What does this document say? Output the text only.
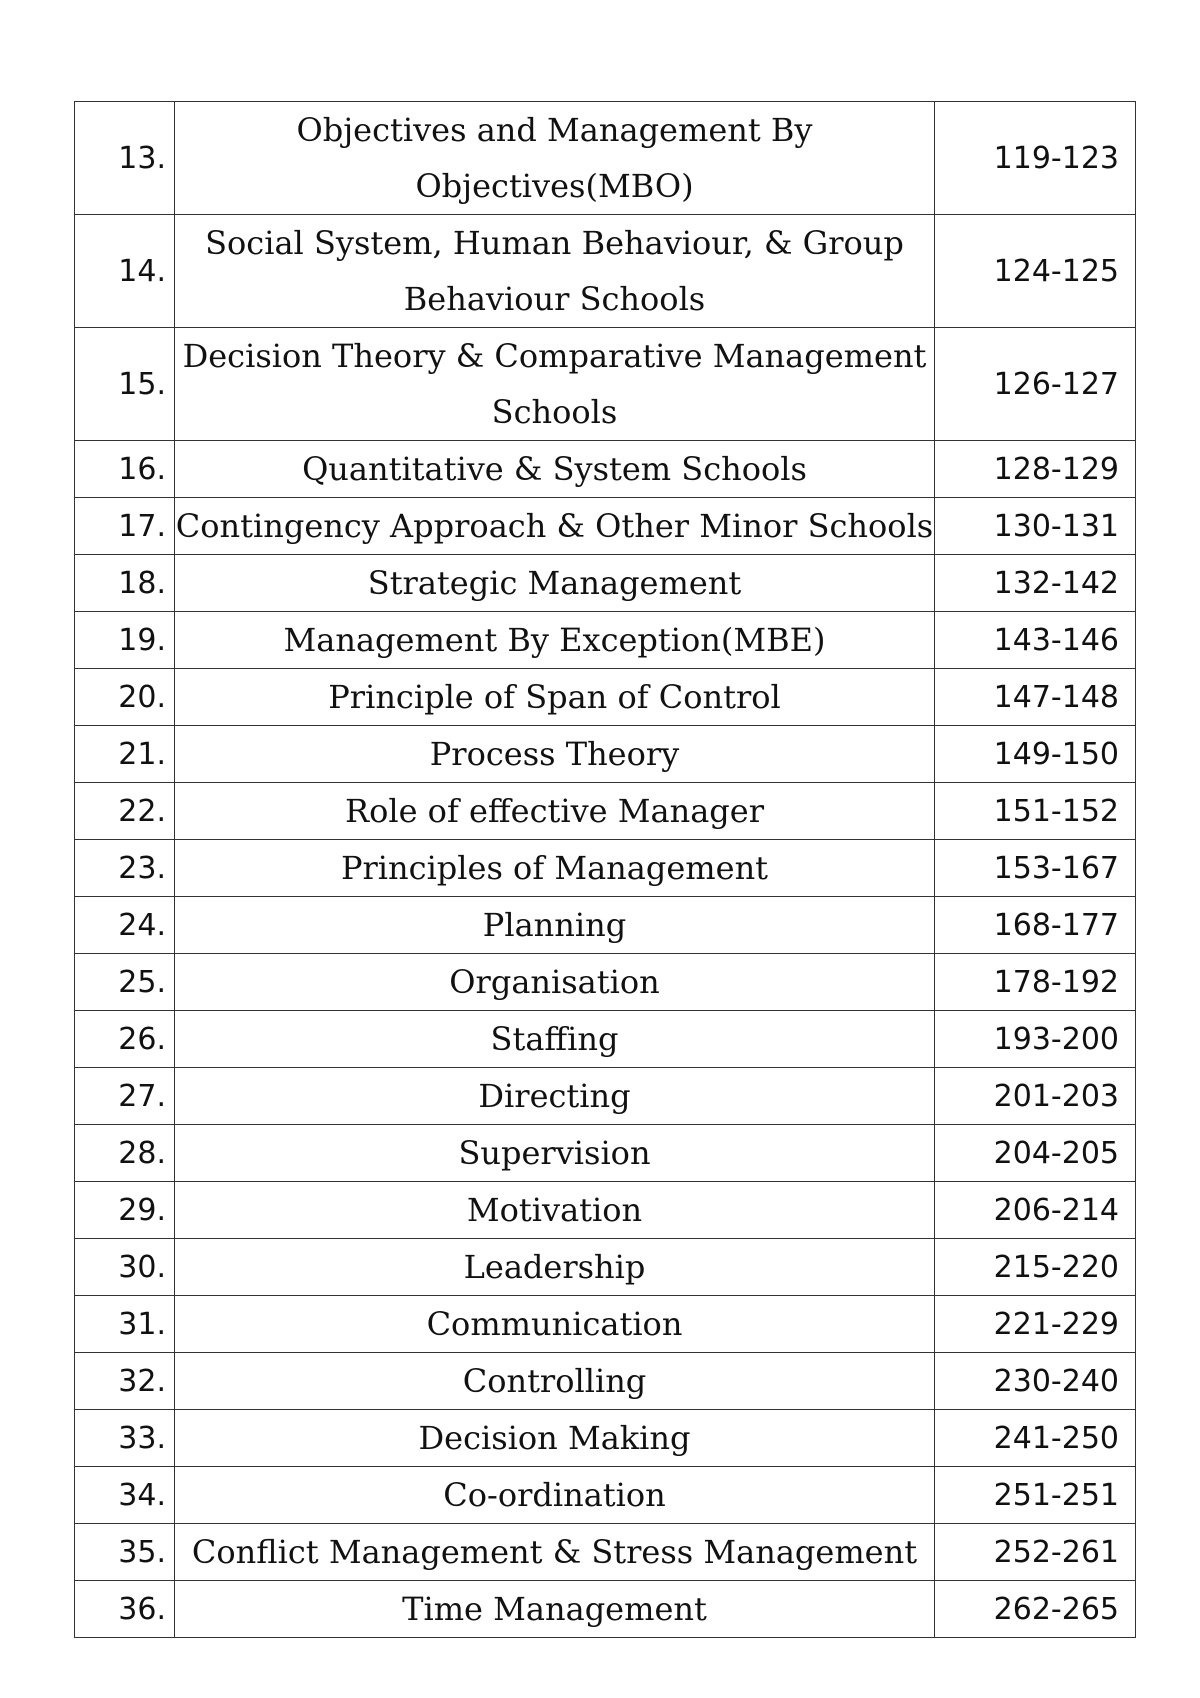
13.	Objectives and Management By Objectives(MBO)	119-123
14.	Social System, Human Behaviour, & Group Behaviour Schools	124-125
15.	Decision Theory & Comparative Management Schools	126-127
16.	Quantitative & System Schools	128-129
17.	Contingency Approach & Other Minor Schools	130-131
18.	Strategic Management	132-142
19.	Management By Exception(MBE)	143-146
20.	Principle of Span of Control	147-148
21.	Process Theory	149-150
22.	Role of effective Manager	151-152
23.	Principles of Management	153-167
24.	Planning	168-177
25.	Organisation	178-192
26.	Staffing	193-200
27.	Directing	201-203
28.	Supervision	204-205
29.	Motivation	206-214
30.	Leadership	215-220
31.	Communication	221-229
32.	Controlling	230-240
33.	Decision Making	241-250
34.	Co-ordination	251-251
35.	Conflict Management & Stress Management	252-261
36.	Time Management	262-265
